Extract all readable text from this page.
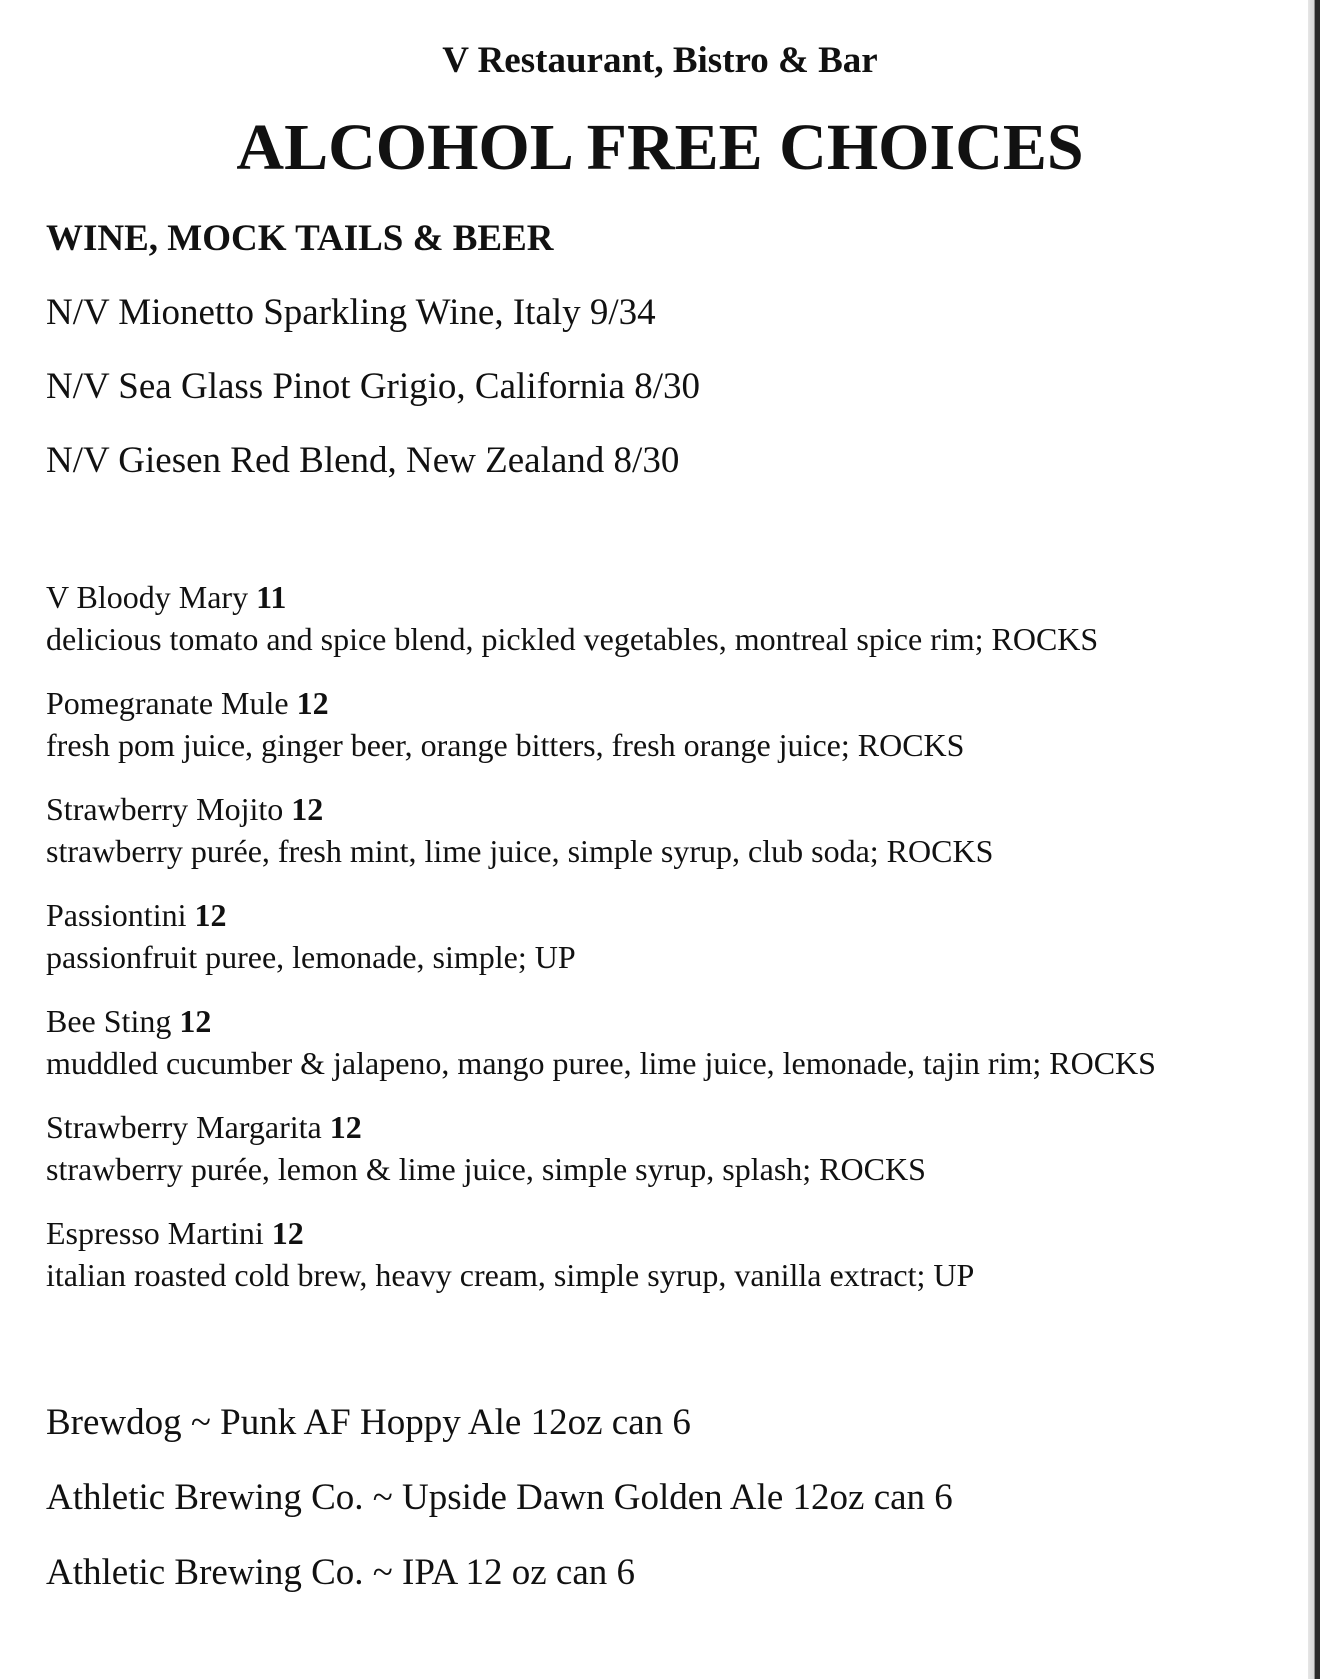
V Restaurant, Bistro & Bar
ALCOHOL FREE CHOICES
WINE, MOCK TAILS & BEER
N/V Mionetto Sparkling Wine, Italy 9/34
N/V Sea Glass Pinot Grigio, California 8/30
N/V Giesen Red Blend, New Zealand 8/30
V Bloody Mary 11
delicious tomato and spice blend, pickled vegetables, montreal spice rim; ROCKS
Pomegranate Mule 12
fresh pom juice, ginger beer, orange bitters, fresh orange juice; ROCKS
Strawberry Mojito 12
strawberry purée, fresh mint, lime juice, simple syrup, club soda; ROCKS
Passiontini 12
passionfruit puree, lemonade, simple; UP
Bee Sting 12
muddled cucumber & jalapeno, mango puree, lime juice, lemonade, tajin rim; ROCKS
Strawberry Margarita 12
strawberry purée, lemon & lime juice, simple syrup, splash; ROCKS
Espresso Martini 12
italian roasted cold brew, heavy cream, simple syrup, vanilla extract; UP
Brewdog ~ Punk AF Hoppy Ale 12oz can 6
Athletic Brewing Co. ~ Upside Dawn Golden Ale 12oz can 6
Athletic Brewing Co. ~ IPA 12 oz can 6
